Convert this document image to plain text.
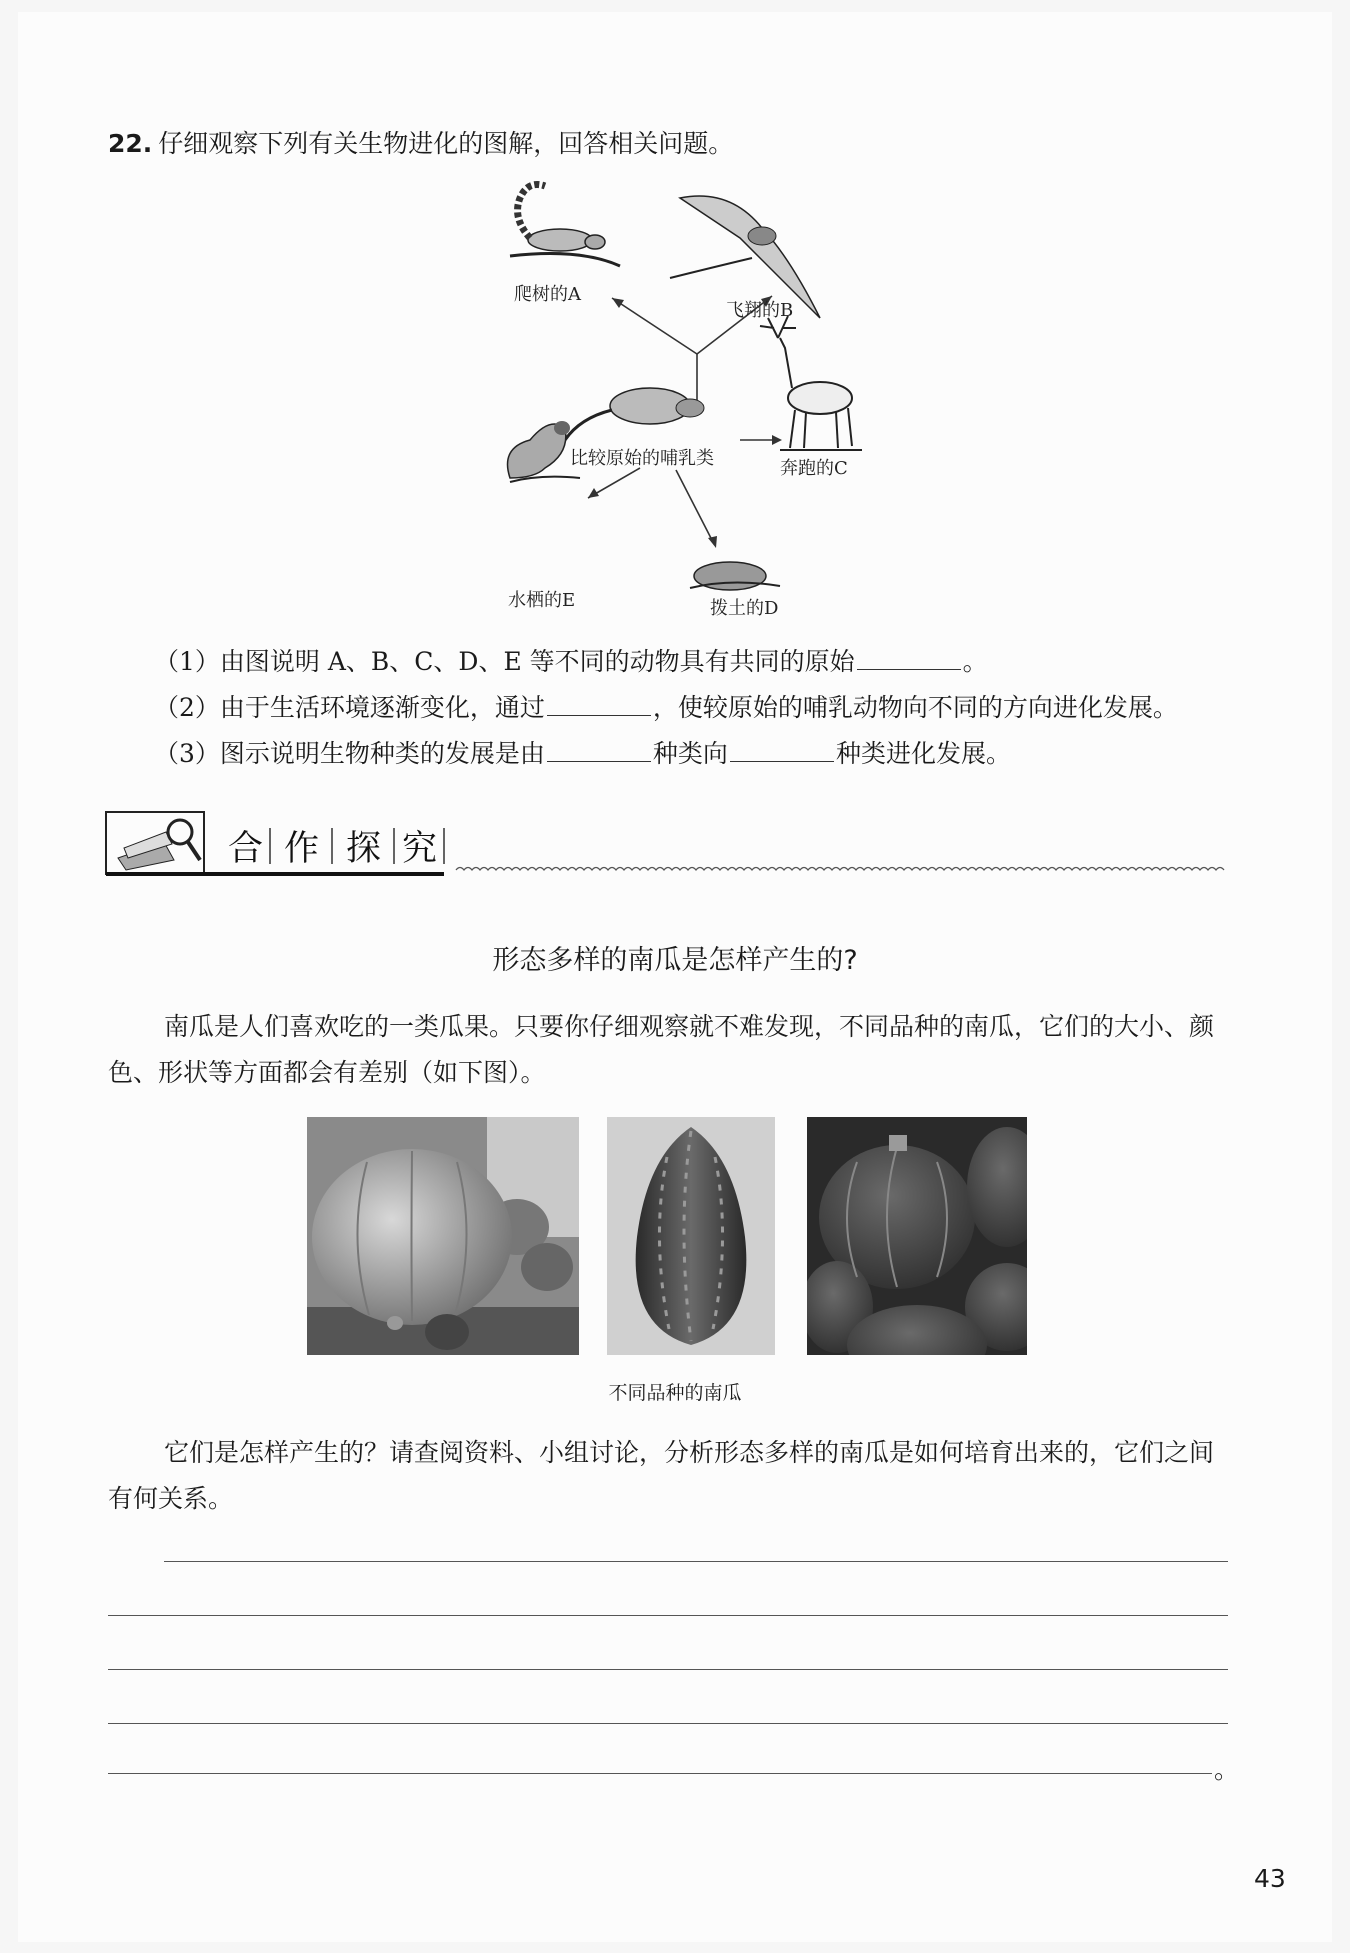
22. 仔细观察下列有关生物进化的图解，回答相关问题。
爬树的A
飞翔的B
比较原始的哺乳类	奔跑的C
水栖的E	拨土的D
（1）由图说明 A、B、C、D、E 等不同的动物具有共同的原始	。
（2）由于生活环境逐渐变化，通过	，使较原始的哺乳动物向不同的方向进化发展。
（3）图示说明生物种类的发展是由	种类向	种类进化发展。
合 作 探 究
形态多样的南瓜是怎样产生的?
南瓜是人们喜欢吃的一类瓜果。只要你仔细观察就不难发现，不同品种的南瓜，它们的大小、颜色、形状等方面都会有差别（如下图）。
不同品种的南瓜
它们是怎样产生的？请查阅资料、小组讨论，分析形态多样的南瓜是如何培育出来的，它们之间有何关系。
。
43
